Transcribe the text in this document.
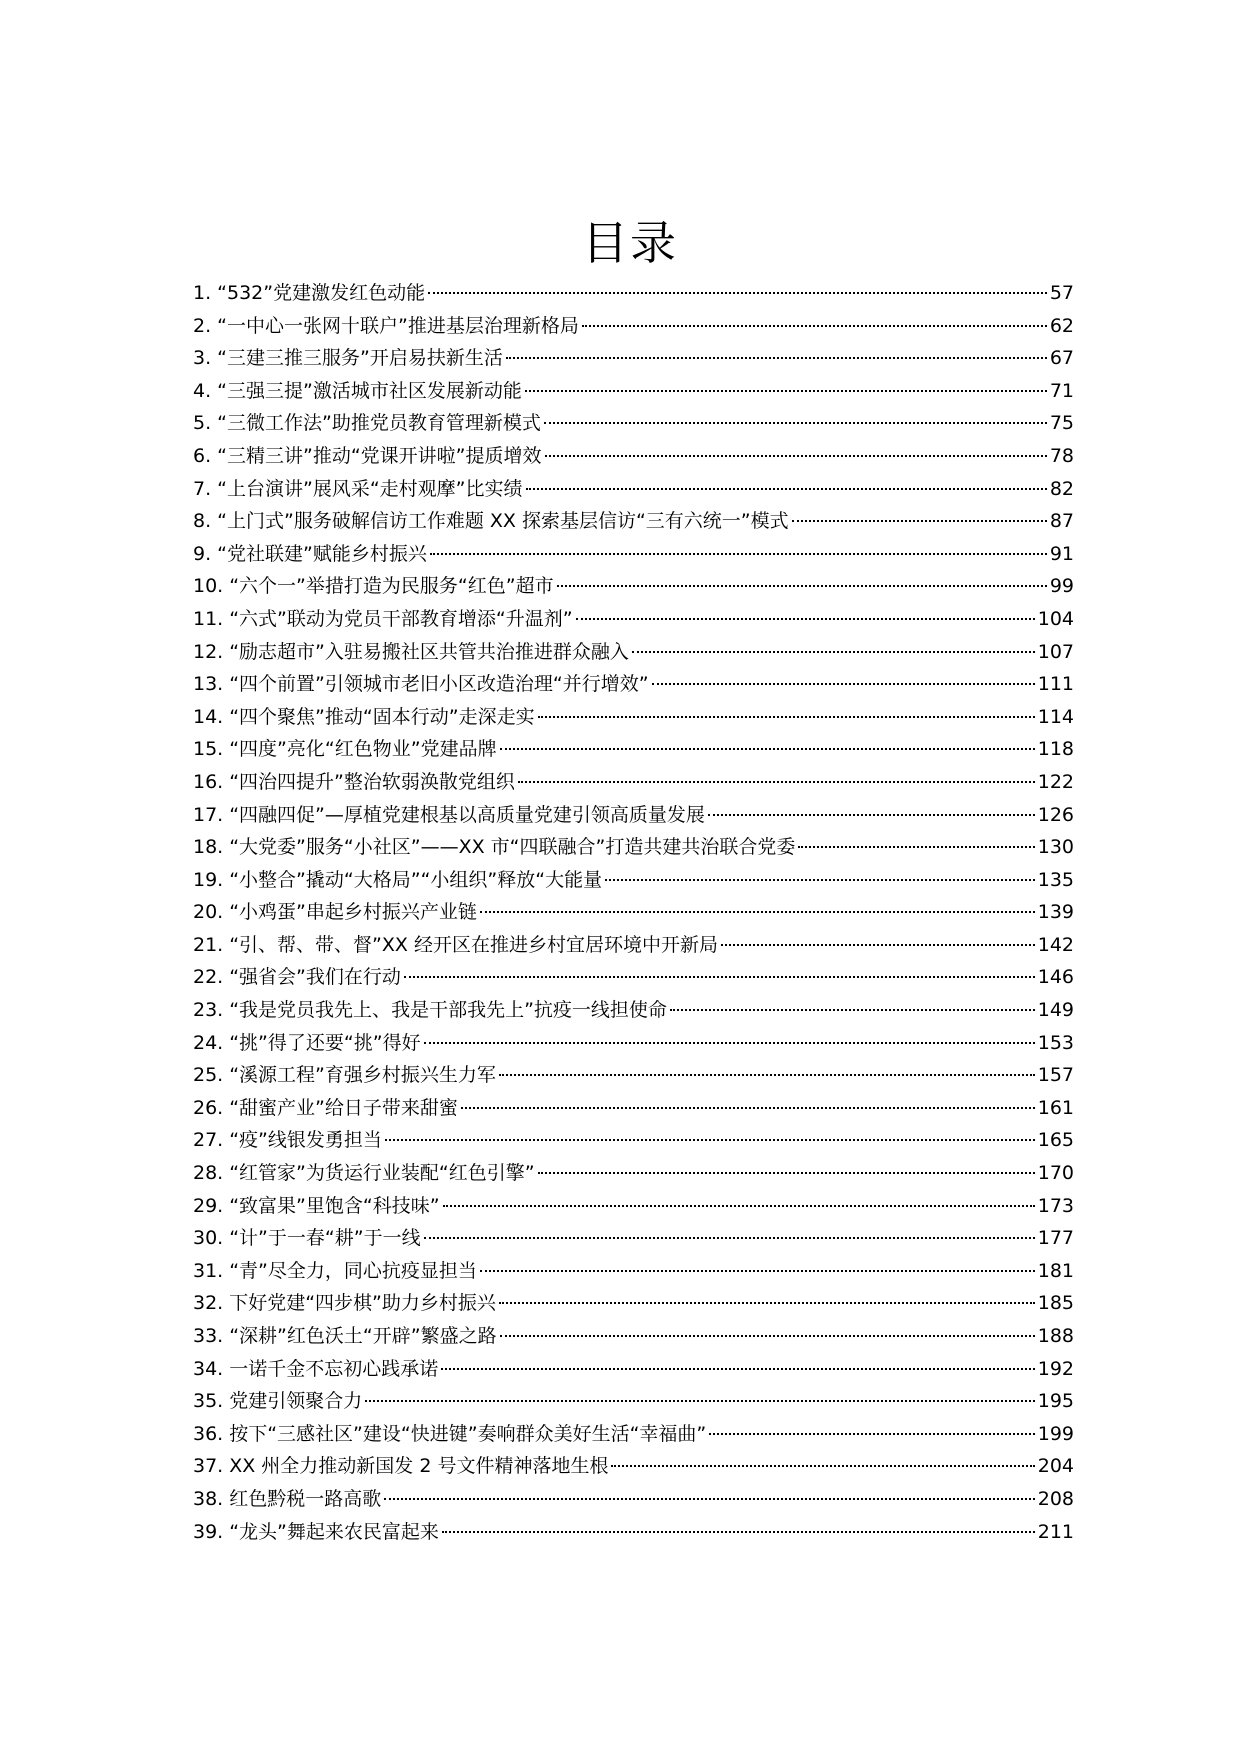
目录
1. “532”党建激发红色动能	57
2. “一中心一张网十联户”推进基层治理新格局	62
3. “三建三推三服务”开启易扶新生活	67
4. “三强三提”激活城市社区发展新动能	71
5. “三微工作法”助推党员教育管理新模式	75
6. “三精三讲”推动“党课开讲啦”提质增效	78
7. “上台演讲”展风采“走村观摩”比实绩	82
8. “上门式”服务破解信访工作难题 XX 探索基层信访“三有六统一”模式	87
9. “党社联建”赋能乡村振兴	91
10. “六个一”举措打造为民服务“红色”超市	99
11. “六式”联动为党员干部教育增添“升温剂”	104
12. “励志超市”入驻易搬社区共管共治推进群众融入	107
13. “四个前置”引领城市老旧小区改造治理“并行增效”	111
14. “四个聚焦”推动“固本行动”走深走实	114
15. “四度”亮化“红色物业”党建品牌	118
16. “四治四提升”整治软弱涣散党组织	122
17. “四融四促”—厚植党建根基以高质量党建引领高质量发展	126
18. “大党委”服务“小社区”——XX 市“四联融合”打造共建共治联合党委	130
19. “小整合”撬动“大格局”“小组织”释放“大能量	135
20. “小鸡蛋”串起乡村振兴产业链	139
21. “引、帮、带、督”XX 经开区在推进乡村宜居环境中开新局	142
22. “强省会”我们在行动	146
23. “我是党员我先上、我是干部我先上”抗疫一线担使命	149
24. “挑”得了还要“挑”得好	153
25. “溪源工程”育强乡村振兴生力军	157
26. “甜蜜产业”给日子带来甜蜜	161
27. “疫”线银发勇担当	165
28. “红管家”为货运行业装配“红色引擎”	170
29. “致富果”里饱含“科技味”	173
30. “计”于一春“耕”于一线	177
31. “青”尽全力，同心抗疫显担当	181
32. 下好党建“四步棋”助力乡村振兴	185
33. “深耕”红色沃土“开辟”繁盛之路	188
34. 一诺千金不忘初心践承诺	192
35. 党建引领聚合力	195
36. 按下“三感社区”建设“快进键”奏响群众美好生活“幸福曲”	199
37. XX 州全力推动新国发 2 号文件精神落地生根	204
38. 红色黔税一路高歌	208
39. “龙头”舞起来农民富起来	211
